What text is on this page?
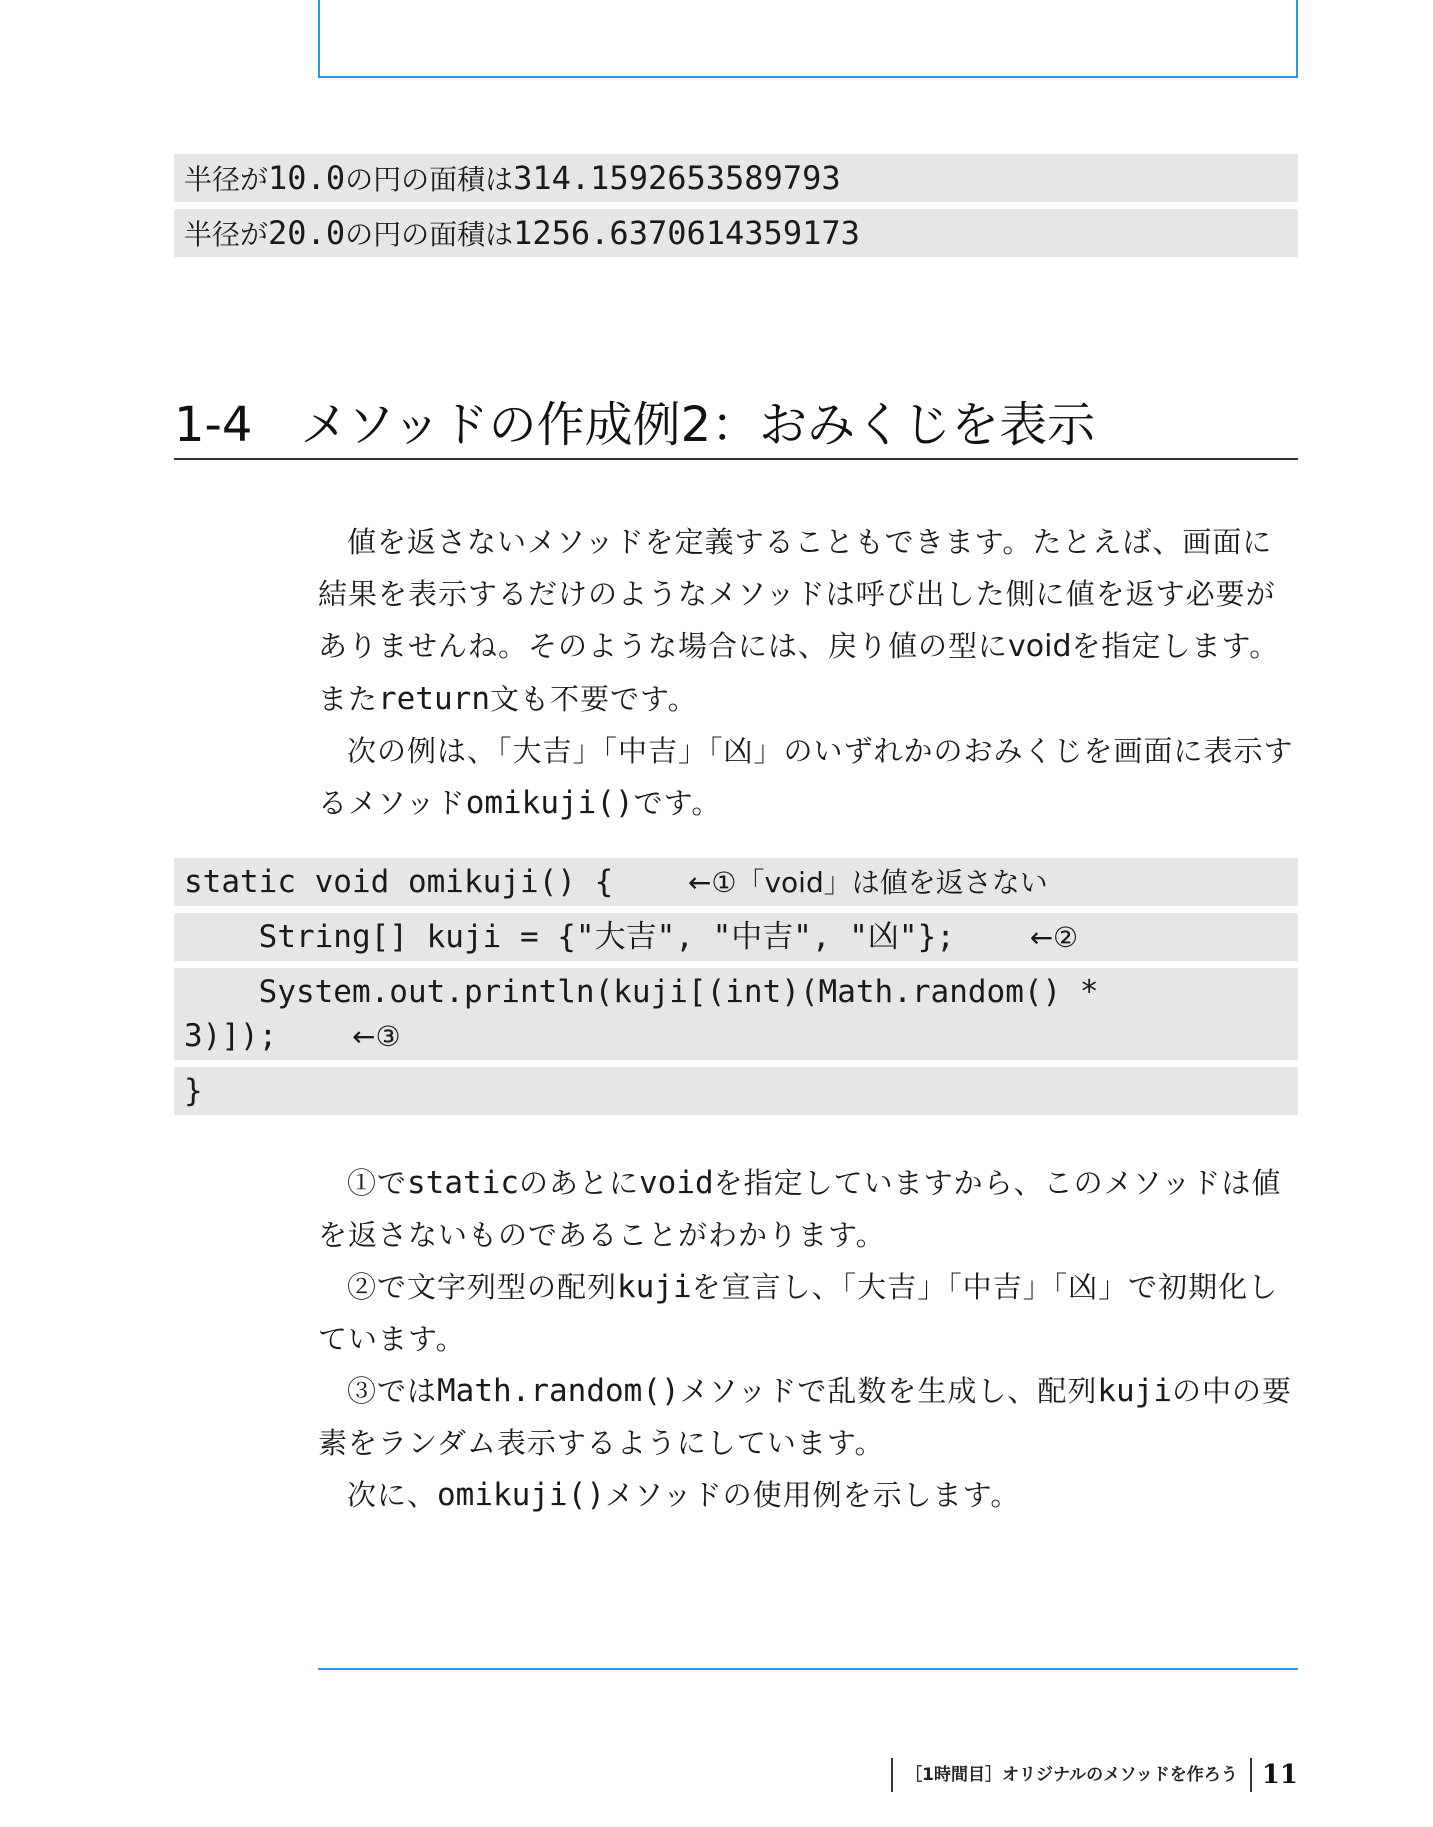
半径が10.0の円の面積は314.1592653589793
半径が20.0の円の面積は1256.6370614359173
1-4 メソッドの作成例2：おみくじを表示

値を返さないメソッドを定義することもできます。たとえば、画面に結果を表示するだけのようなメソッドは呼び出した側に値を返す必要がありませんね。そのような場合には、戻り値の型にvoidを指定します。またreturn文も不要です。

次の例は、「大吉」「中吉」「凶」のいずれかのおみくじを画面に表示するメソッドomikuji()です。

static void omikuji() {    ←①「void」は値を返さない
String[] kuji = {"大吉", "中吉", "凶"};    ←②
System.out.println(kuji[(int)(Math.random() *
3)]);    ←③
}

①でstaticのあとにvoidを指定していますから、このメソッドは値を返さないものであることがわかります。

②で文字列型の配列kujiを宣言し、「大吉」「中吉」「凶」で初期化しています。

③ではMath.random()メソッドで乱数を生成し、配列kujiの中の要素をランダム表示するようにしています。

次に、omikuji()メソッドの使用例を示します。

［1時間目］オリジナルのメソッドを作ろう 11
